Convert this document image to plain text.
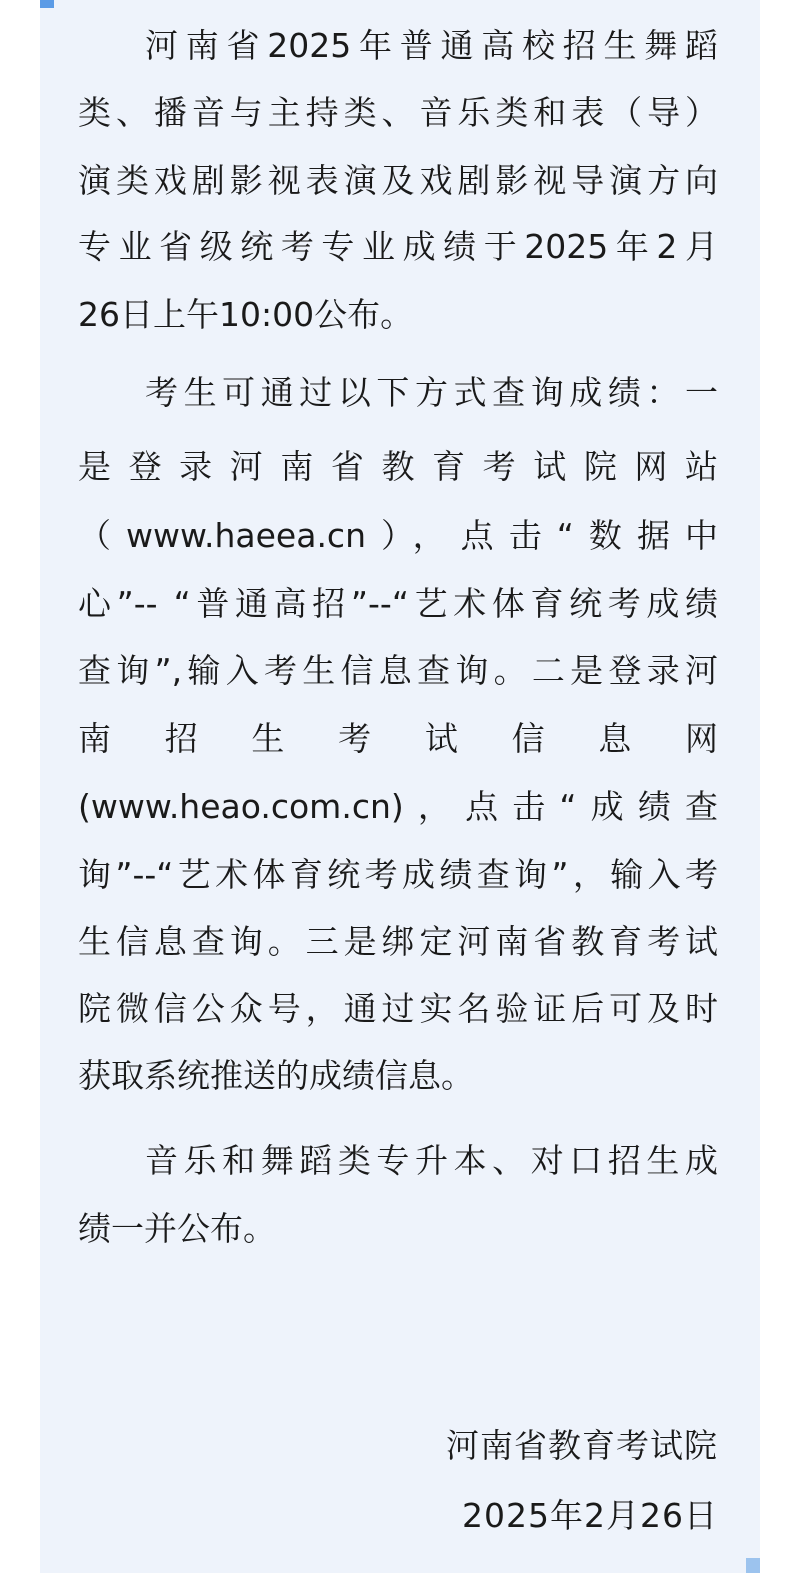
河南省2025年普通高校招生舞蹈
类、播音与主持类、音乐类和表（导）
演类戏剧影视表演及戏剧影视导演方向
专业省级统考专业成绩于2025年2月
26日上午10:00公布。
考生可通过以下方式查询成绩：一
是登录河南省教育考试院网站
（www.haeea.cn），点击“数据中
心”-- “普通高招”--“艺术体育统考成绩
查询”,输入考生信息查询。二是登录河
南招生考试信息网
(www.heao.com.cn)，点击“成绩查
询”--“艺术体育统考成绩查询”，输入考
生信息查询。三是绑定河南省教育考试
院微信公众号，通过实名验证后可及时
获取系统推送的成绩信息。
音乐和舞蹈类专升本、对口招生成
绩一并公布。
河南省教育考试院
2025年2月26日
